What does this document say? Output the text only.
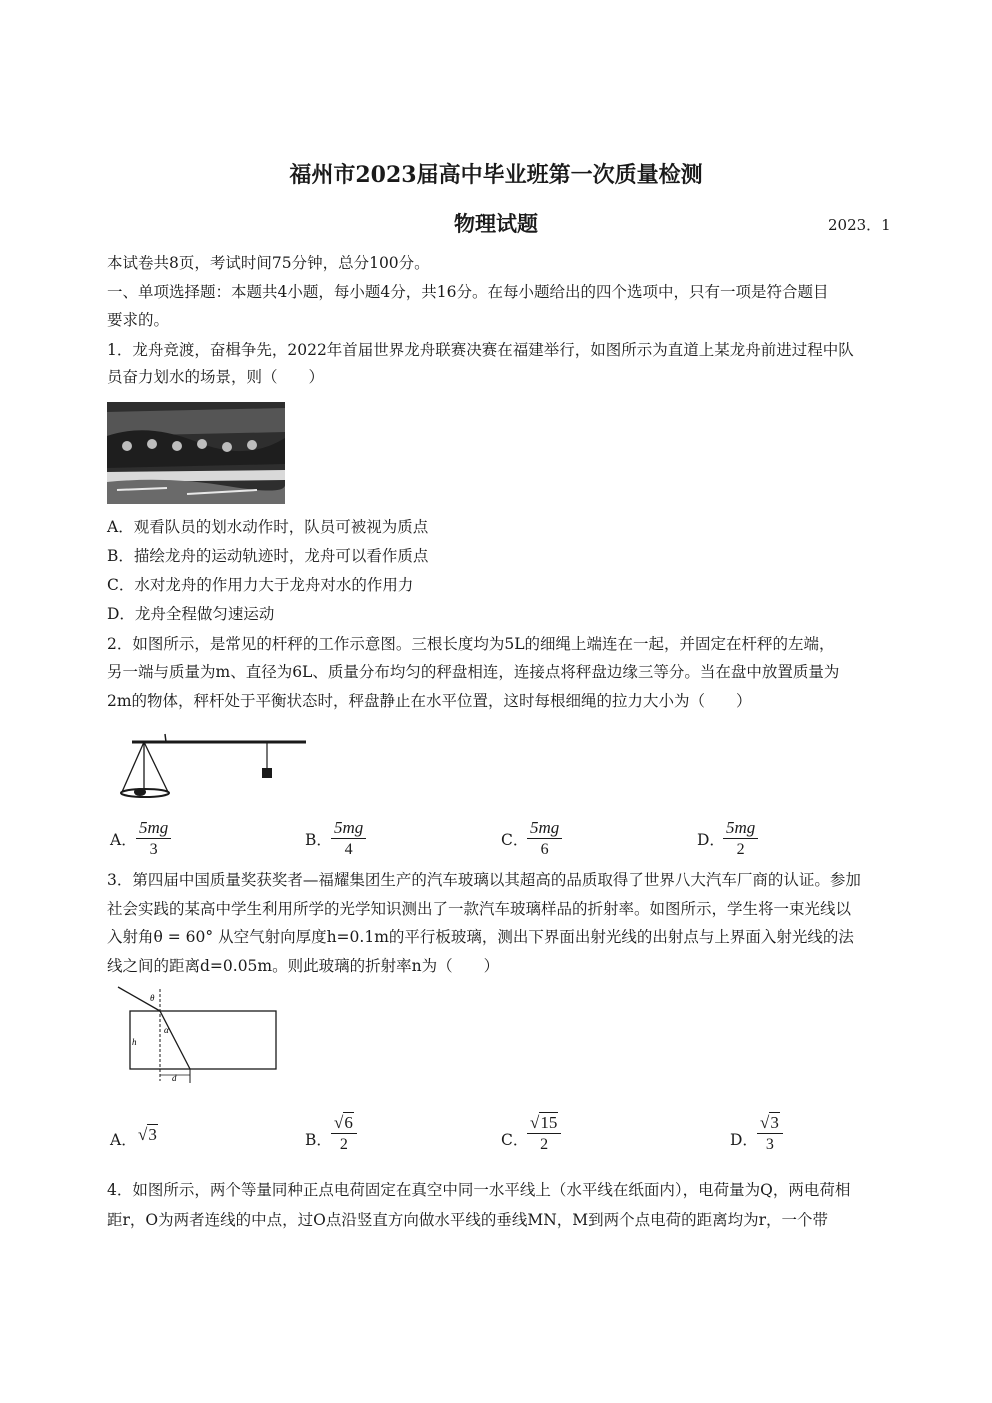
福州市2023届高中毕业班第一次质量检测
物理试题	2023．1
本试卷共8页，考试时间75分钟，总分100分。
一、单项选择题：本题共4小题，每小题4分，共16分。在每小题给出的四个选项中，只有一项是符合题目
要求的。
1．龙舟竞渡，奋楫争先，2022年首届世界龙舟联赛决赛在福建举行，如图所示为直道上某龙舟前进过程中队
员奋力划水的场景，则（　　）
A．观看队员的划水动作时，队员可被视为质点
B．描绘龙舟的运动轨迹时，龙舟可以看作质点
C．水对龙舟的作用力大于龙舟对水的作用力
D．龙舟全程做匀速运动
2．如图所示，是常见的杆秤的工作示意图。三根长度均为5L的细绳上端连在一起，并固定在杆秤的左端，
另一端与质量为m、直径为6L、质量分布均匀的秤盘相连，连接点将秤盘边缘三等分。当在盘中放置质量为
2m的物体，秤杆处于平衡状态时，秤盘静止在水平位置，这时每根细绳的拉力大小为（　　）
A． $\frac{5mg}{3}$	B． $\frac{5mg}{4}$	C．
$\frac{5mg}{6}$	D．
$\frac{5mg}{2}$
3．第四届中国质量奖获奖者—福耀集团生产的汽车玻璃以其超高的品质取得了世界八大汽车厂商的认证。参加
社会实践的某高中学生利用所学的光学知识测出了一款汽车玻璃样品的折射率。如图所示，学生将一束光线以
入射角θ = 60° 从空气射向厚度h=0.1m的平行板玻璃，测出下界面出射光线的出射点与上界面入射光线的法
线之间的距离d=0.05m。则此玻璃的折射率n为（　　）
θ
α
h
d
A． √3	B． $\frac{√6}{2}$	C．
$\frac{√15}{2}$	D． $\frac{√3}{3}$
4．如图所示，两个等量同种正点电荷固定在真空中同一水平线上（水平线在纸面内），电荷量为Q，两电荷相
距r，O为两者连线的中点，过O点沿竖直方向做水平线的垂线MN，M到两个点电荷的距离均为r，一个带
